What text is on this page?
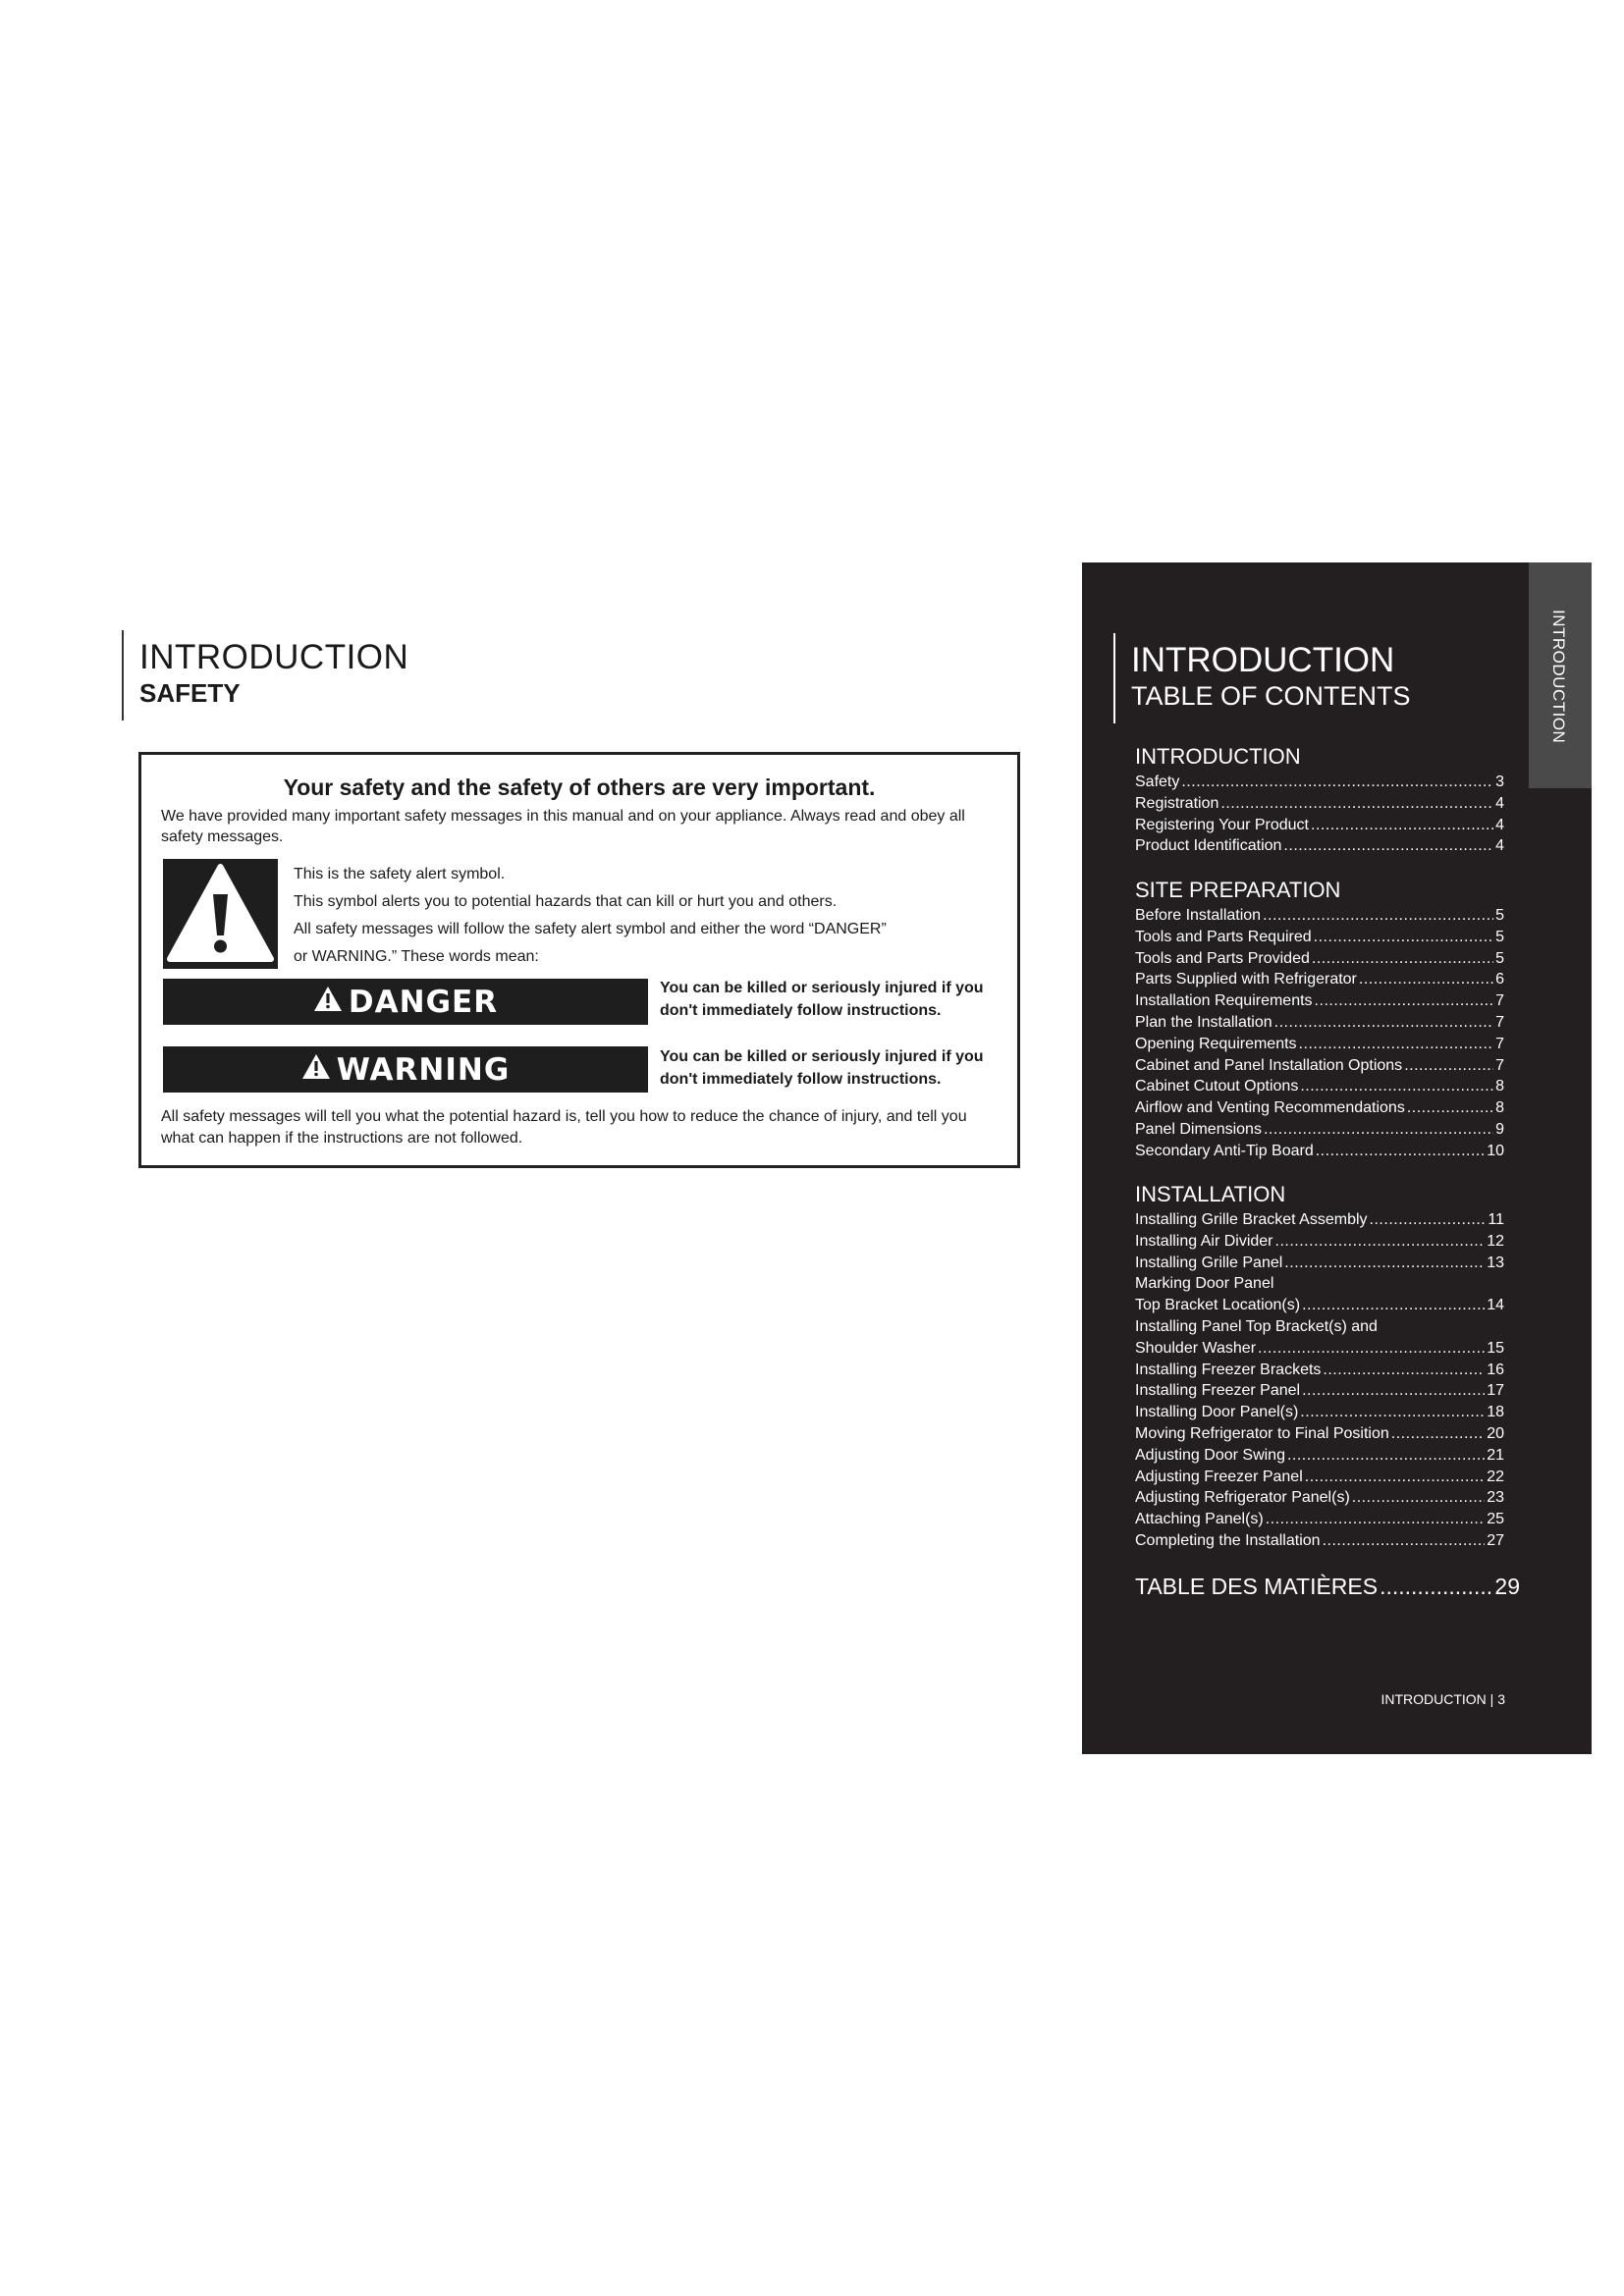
INTRODUCTION
SAFETY
Your safety and the safety of others are very important.
We have provided many important safety messages in this manual and on your appliance. Always read and obey all safety messages.
This is the safety alert symbol.
This symbol alerts you to potential hazards that can kill or hurt you and others.
All safety messages will follow the safety alert symbol and either the word “DANGER”
or WARNING.” These words mean:
DANGER	You can be killed or seriously injured if you don't immediately follow instructions.
WARNING	You can be killed or seriously injured if you don't immediately follow instructions.
All safety messages will tell you what the potential hazard is, tell you how to reduce the chance of injury, and tell you what can happen if the instructions are not followed.
INTRODUCTION
INTRODUCTION
TABLE OF CONTENTS
INTRODUCTION
Safety .....	3
Registration .....	4
Registering Your Product .....	4
Product Identification .....	4
SITE PREPARATION
Before Installation .....	5
Tools and Parts Required .....	5
Tools and Parts Provided .....	5
Parts Supplied with Refrigerator .....	6
Installation Requirements .....	7
Plan the Installation .....	7
Opening Requirements .....	7
Cabinet and Panel Installation Options .....	7
Cabinet Cutout Options .....	8
Airflow and Venting Recommendations .....	8
Panel Dimensions .....	9
Secondary Anti-Tip Board .....	10
INSTALLATION
Installing Grille Bracket Assembly .....	11
Installing Air Divider .....	12
Installing Grille Panel .....	13
Marking Door Panel
Top Bracket Location(s) .....	14
Installing Panel Top Bracket(s) and
Shoulder Washer .....	15
Installing Freezer Brackets .....	16
Installing Freezer Panel .....	17
Installing Door Panel(s) .....	18
Moving Refrigerator to Final Position .....	20
Adjusting Door Swing .....	21
Adjusting Freezer Panel .....	22
Adjusting Refrigerator Panel(s) .....	23
Attaching Panel(s) .....	25
Completing the Installation .....	27
TABLE DES MATIÈRES .....	29
INTRODUCTION | 3
